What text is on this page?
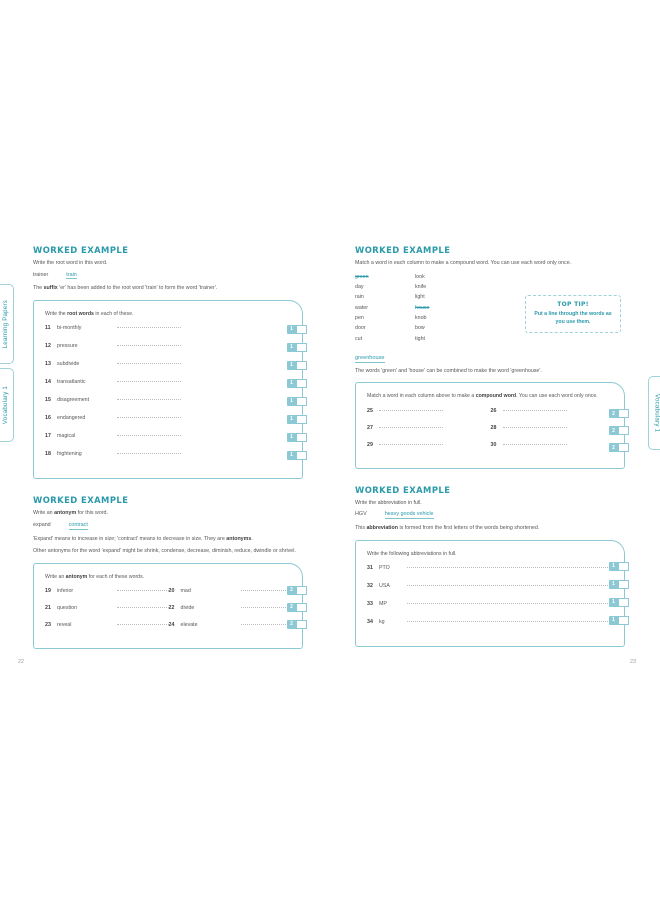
Learning Papers
Vocabulary 1	Vocabulary 1
22	23
WORKED EXAMPLE

Write the root word in this word.

trainer	train

The suffix 'er' has been added to the root word 'train' to form the word 'trainer'.

Write the root words in each of these.

11	bi-monthly
12	pressure
13	subdivide
14	transatlantic
15	disagreement
16	endangered
17	magical
18	frightening
1
1
1
1
1
1
1
1
WORKED EXAMPLE

Write an antonym for this word.

expand	contract

'Expand' means to increase in size; 'contract' means to decrease in size. They are antonyms.

Other antonyms for the word 'expand' might be shrink, condense, decrease, diminish, reduce, dwindle or shrivel.

Write an antonym for each of these words.

19	inferior	20	mad
21	question	22	divide
23	reveal	24	elevate
2
2
2
WORKED EXAMPLE

Match a word in each column to make a compound word. You can use each word only once.

green	look
day	knife
rain	light
water	house
pen	knob
door	bow
cut	tight
greenhouse

The words 'green' and 'house' can be combined to make the word 'greenhouse'.

TOP TIP!
Put a line through the words as you use them.

Match a word in each column above to make a compound word. You can use each word only once.

25	26
27	28
29	30
2
2
2
WORKED EXAMPLE

Write the abbreviation in full.

HGV	heavy goods vehicle

This abbreviation is formed from the first letters of the words being shortened.

Write the following abbreviations in full.

31	PTO
32	USA
33	MP
34	kg
1
1
1
1
